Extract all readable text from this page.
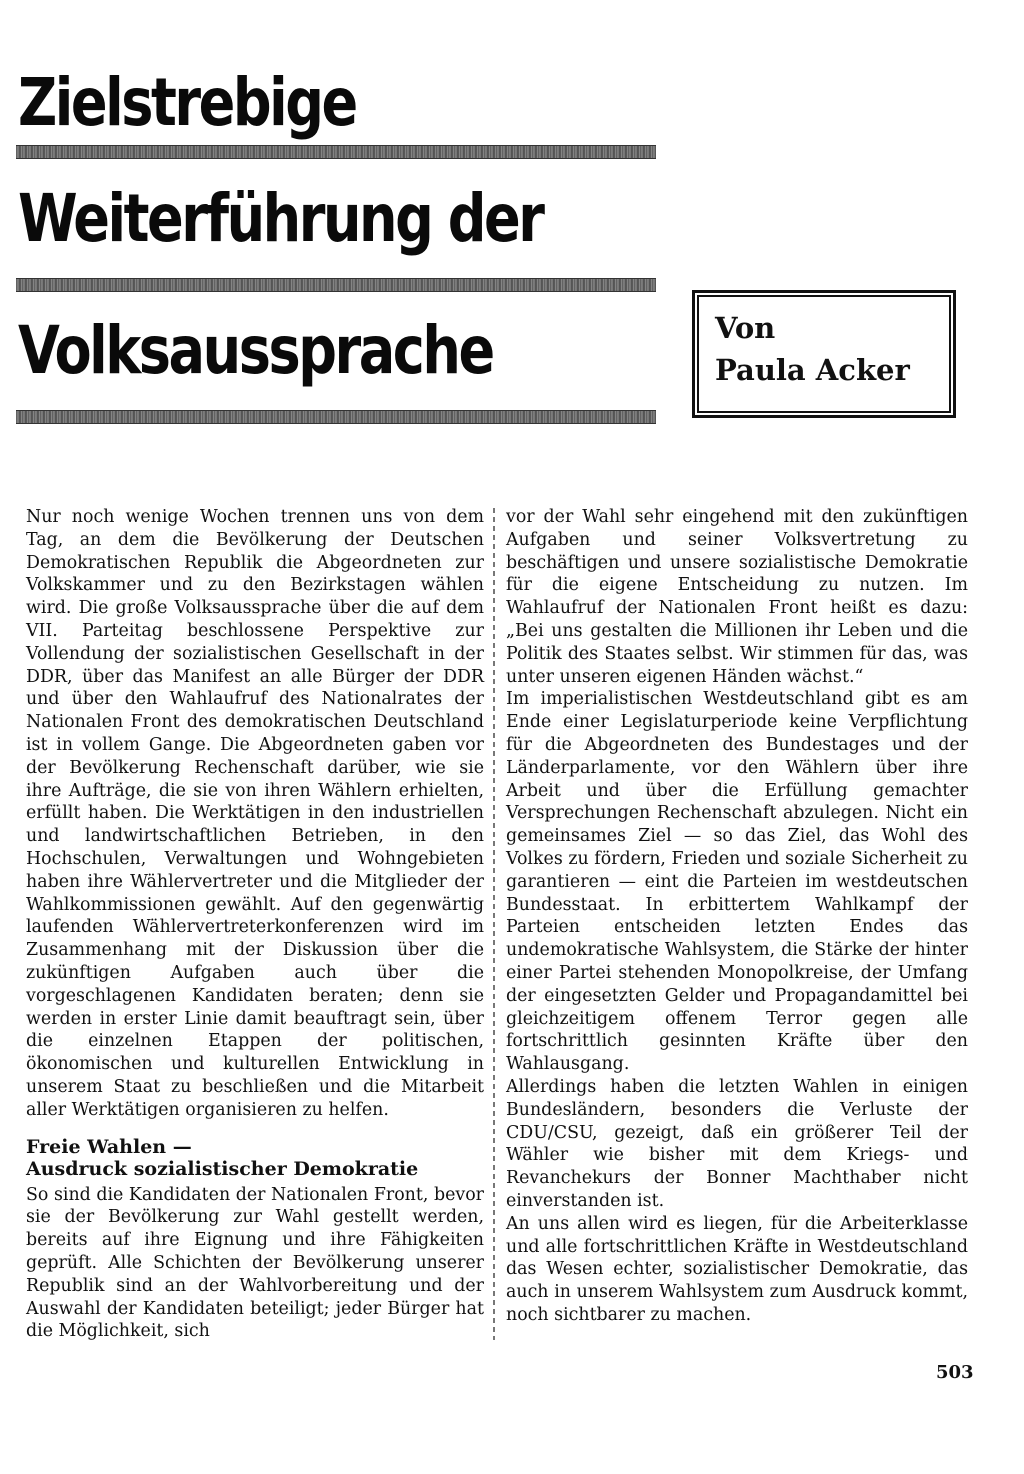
Zielstrebige
Weiterführung der
Volksaussprache	Von
Paula Acker

Nur noch wenige Wochen trennen uns von dem Tag, an dem die Bevölkerung der Deutschen Demokratischen Republik die Abgeordneten zur Volkskammer und zu den Bezirkstagen wählen wird. Die große Volksaussprache über die auf dem VII. Parteitag beschlossene Perspektive zur Vollendung der sozialistischen Gesellschaft in der DDR, über das Manifest an alle Bürger der DDR und über den Wahlaufruf des Nationalrates der Nationalen Front des demokratischen Deutschland ist in vollem Gange. Die Abgeordneten gaben vor der Bevölkerung Rechenschaft darüber, wie sie ihre Aufträge, die sie von ihren Wählern erhielten, erfüllt haben. Die Werktätigen in den industriellen und landwirtschaftlichen Betrieben, in den Hochschulen, Verwaltungen und Wohngebieten haben ihre Wählervertreter und die Mitglieder der Wahlkommissionen gewählt. Auf den gegenwärtig laufenden Wählervertreterkonferenzen wird im Zusammenhang mit der Diskussion über die zukünftigen Aufgaben auch über die vorgeschlagenen Kandidaten beraten; denn sie werden in erster Linie damit beauftragt sein, über die einzelnen Etappen der politischen, ökonomischen und kulturellen Entwicklung in unserem Staat zu beschließen und die Mitarbeit aller Werktätigen organisieren zu helfen.

Freie Wahlen —
Ausdruck sozialistischer Demokratie

So sind die Kandidaten der Nationalen Front, bevor sie der Bevölkerung zur Wahl gestellt werden, bereits auf ihre Eignung und ihre Fähigkeiten geprüft. Alle Schichten der Bevölkerung unserer Republik sind an der Wahlvorbereitung und der Auswahl der Kandidaten beteiligt; jeder Bürger hat die Möglichkeit, sich

vor der Wahl sehr eingehend mit den zukünftigen Aufgaben und seiner Volksvertretung zu beschäftigen und unsere sozialistische Demokratie für die eigene Entscheidung zu nutzen. Im Wahlaufruf der Nationalen Front heißt es dazu: „Bei uns gestalten die Millionen ihr Leben und die Politik des Staates selbst. Wir stimmen für das, was unter unseren eigenen Händen wächst.“

Im imperialistischen Westdeutschland gibt es am Ende einer Legislaturperiode keine Verpflichtung für die Abgeordneten des Bundestages und der Länderparlamente, vor den Wählern über ihre Arbeit und über die Erfüllung gemachter Versprechungen Rechenschaft abzulegen. Nicht ein gemeinsames Ziel — so das Ziel, das Wohl des Volkes zu fördern, Frieden und soziale Sicherheit zu garantieren — eint die Parteien im westdeutschen Bundesstaat. In erbittertem Wahlkampf der Parteien entscheiden letzten Endes das undemokratische Wahlsystem, die Stärke der hinter einer Partei stehenden Monopolkreise, der Umfang der eingesetzten Gelder und Propagandamittel bei gleichzeitigem offenem Terror gegen alle fortschrittlich gesinnten Kräfte über den Wahlausgang.

Allerdings haben die letzten Wahlen in einigen Bundesländern, besonders die Verluste der CDU/CSU, gezeigt, daß ein größerer Teil der Wähler wie bisher mit dem Kriegs- und Revanchekurs der Bonner Machthaber nicht einverstanden ist.

An uns allen wird es liegen, für die Arbeiterklasse und alle fortschrittlichen Kräfte in Westdeutschland das Wesen echter, sozialistischer Demokratie, das auch in unserem Wahlsystem zum Ausdruck kommt, noch sichtbarer zu machen.

503
